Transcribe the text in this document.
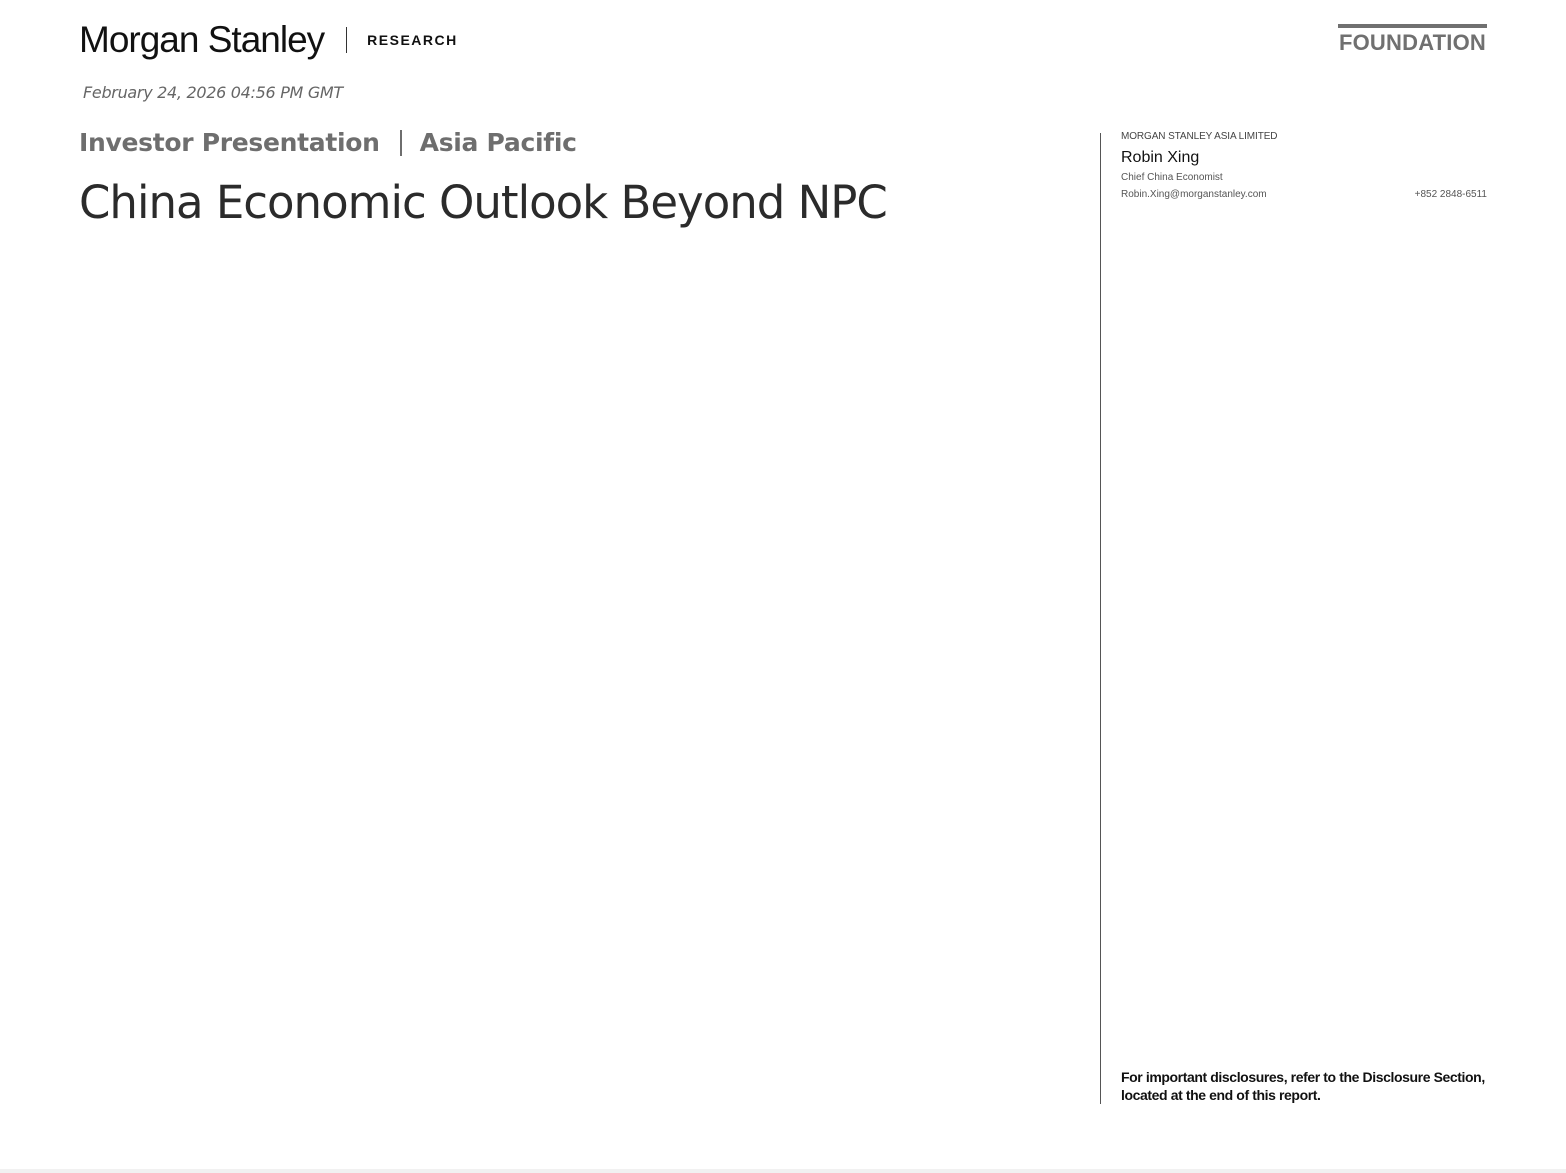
Morgan Stanley	RESEARCH	FOUNDATION
February 24, 2026 04:56 PM GMT
Investor Presentation Asia Pacific
China Economic Outlook Beyond NPC
MORGAN STANLEY ASIA LIMITED
Robin Xing
Chief China Economist
Robin.Xing@morganstanley.com	+852 2848-6511
For important disclosures, refer to the Disclosure Section, located at the end of this report.
